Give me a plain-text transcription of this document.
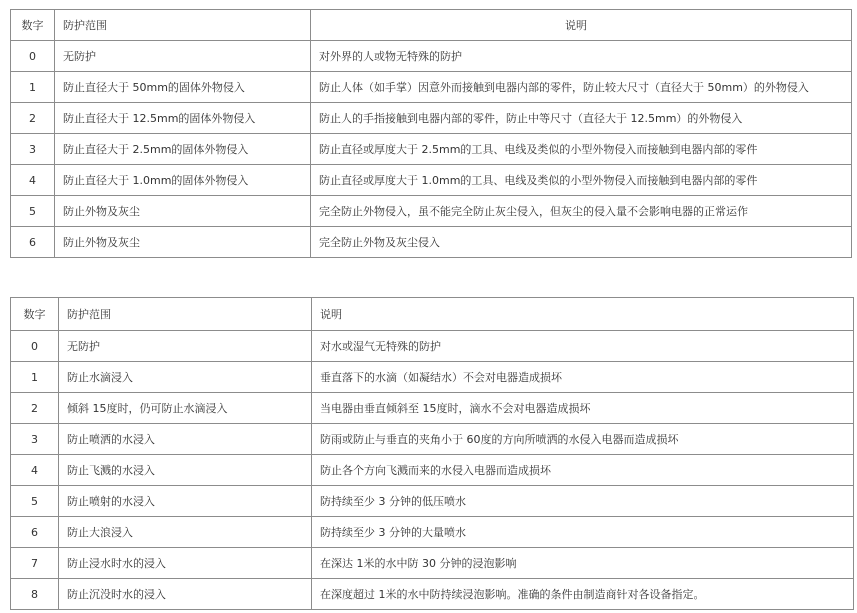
数字	防护范围	说明
0	无防护	对外界的人或物无特殊的防护
1	防止直径大于 50mm的固体外物侵入	防止人体（如手掌）因意外而接触到电器内部的零件，防止较大尺寸（直径大于 50mm）的外物侵入
2	防止直径大于 12.5mm的固体外物侵入	防止人的手指接触到电器内部的零件，防止中等尺寸（直径大于 12.5mm）的外物侵入
3	防止直径大于 2.5mm的固体外物侵入	防止直径或厚度大于 2.5mm的工具、电线及类似的小型外物侵入而接触到电器内部的零件
4	防止直径大于 1.0mm的固体外物侵入	防止直径或厚度大于 1.0mm的工具、电线及类似的小型外物侵入而接触到电器内部的零件
5	防止外物及灰尘	完全防止外物侵入，虽不能完全防止灰尘侵入，但灰尘的侵入量不会影响电器的正常运作
6	防止外物及灰尘	完全防止外物及灰尘侵入
数字	防护范围	说明
0	无防护	对水或湿气无特殊的防护
1	防止水滴浸入	垂直落下的水滴（如凝结水）不会对电器造成损坏
2	倾斜 15度时，仍可防止水滴浸入	当电器由垂直倾斜至 15度时，滴水不会对电器造成损坏
3	防止喷洒的水浸入	防雨或防止与垂直的夹角小于 60度的方向所喷洒的水侵入电器而造成损坏
4	防止飞溅的水浸入	防止各个方向飞溅而来的水侵入电器而造成损坏
5	防止喷射的水浸入	防持续至少 3 分钟的低压喷水
6	防止大浪浸入	防持续至少 3 分钟的大量喷水
7	防止浸水时水的浸入	在深达 1米的水中防 30 分钟的浸泡影响
8	防止沉没时水的浸入	在深度超过 1米的水中防持续浸泡影响。准确的条件由制造商针对各设备指定。
